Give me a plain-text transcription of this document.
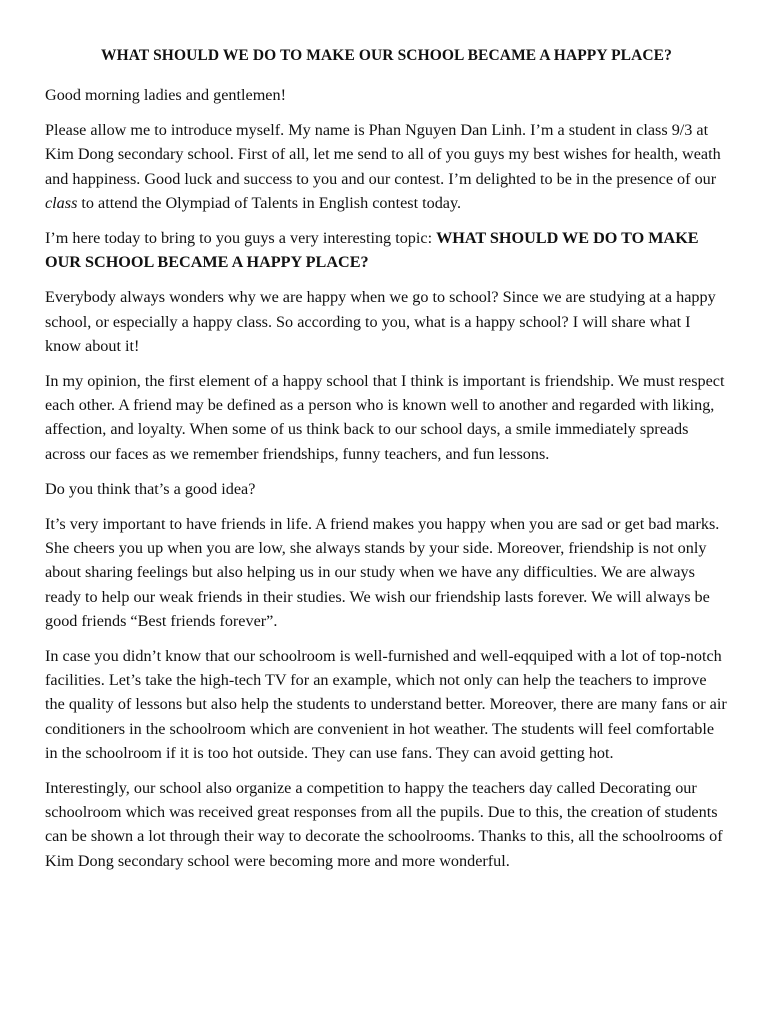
WHAT SHOULD WE DO TO MAKE OUR SCHOOL BECAME A HAPPY PLACE?

Good morning ladies and gentlemen!

Please allow me to introduce myself. My name is Phan Nguyen Dan Linh. I’m a student in class 9/3 at Kim Dong secondary school. First of all, let me send to all of you guys my best wishes for health, weath and happiness. Good luck and success to you and our contest. I’m delighted to be in the presence of our class to attend the Olympiad of Talents in English contest today.

I’m here today to bring to you guys a very interesting topic: WHAT SHOULD WE DO TO MAKE OUR SCHOOL BECAME A HAPPY PLACE?

Everybody always wonders why we are happy when we go to school? Since we are studying at a happy school, or especially a happy class. So according to you, what is a happy school? I will share what I know about it!

In my opinion, the first element of a happy school that I think is important is friendship. We must respect each other. A friend may be defined as a person who is known well to another and regarded with liking, affection, and loyalty. When some of us think back to our school days, a smile immediately spreads across our faces as we remember friendships, funny teachers, and fun lessons.

Do you think that’s a good idea?

It’s very important to have friends in life. A friend makes you happy when you are sad or get bad marks. She cheers you up when you are low, she always stands by your side. Moreover, friendship is not only about sharing feelings but also helping us in our study when we have any difficulties. We are always ready to help our weak friends in their studies. We wish our friendship lasts forever. We will always be good friends “Best friends forever”.

In case you didn’t know that our schoolroom is well-furnished and well-eqquiped with a lot of top-notch facilities. Let’s take the high-tech TV for an example, which not only can help the teachers to improve the quality of lessons but also help the students to understand better. Moreover, there are many fans or air conditioners in the schoolroom which are convenient in hot weather. The students will feel comfortable in the schoolroom if it is too hot outside. They can use fans. They can avoid getting hot.

Interestingly, our school also organize a competition to happy the teachers day called Decorating our schoolroom which was received great responses from all the pupils. Due to this, the creation of students can be shown a lot through their way to decorate the schoolrooms. Thanks to this, all the schoolrooms of Kim Dong secondary school were becoming more and more wonderful.
